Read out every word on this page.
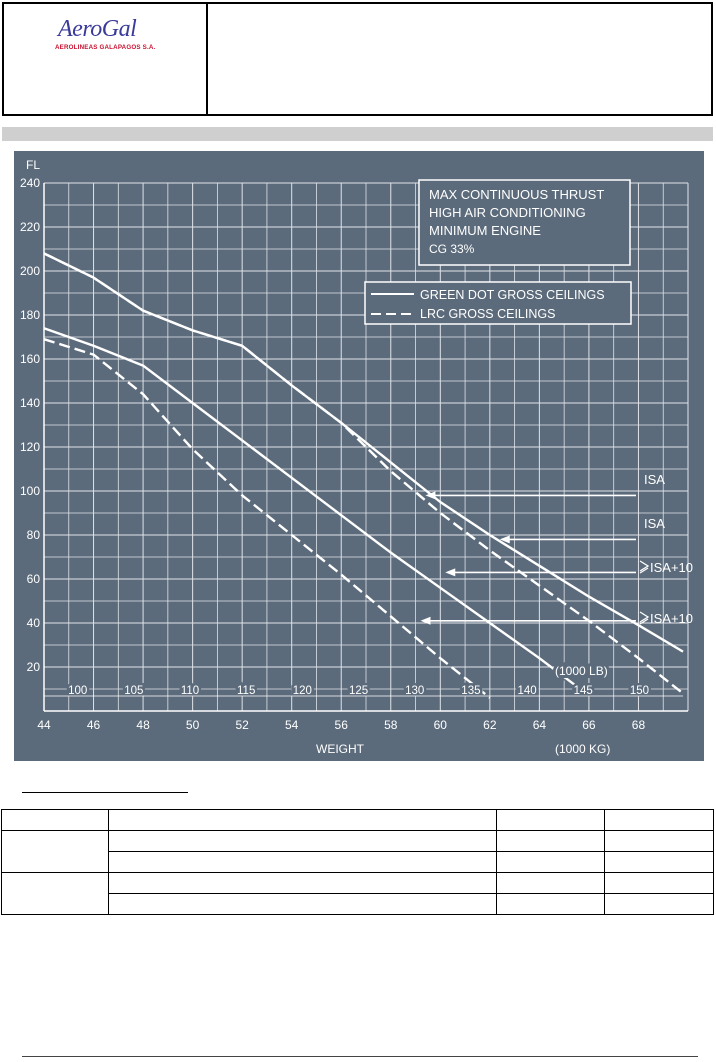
AeroGal
AEROLINEAS GALAPAGOS S.A.
20
40
60
80
100
120
140
160
180
200
220
240
44	46	48	50	52	54	56	58	60	62	64	66	68
100	105	110	115	120	125	130	135	140	145	150
FL
WEIGHT	(1000 KG)
(1000 LB)
MAX CONTINUOUS THRUST
HIGH AIR CONDITIONING
MINIMUM ENGINE
CG 33%
GREEN DOT GROSS CEILINGS
LRC GROSS CEILINGS
ISA
ISA
ISA+10
ISA+10
